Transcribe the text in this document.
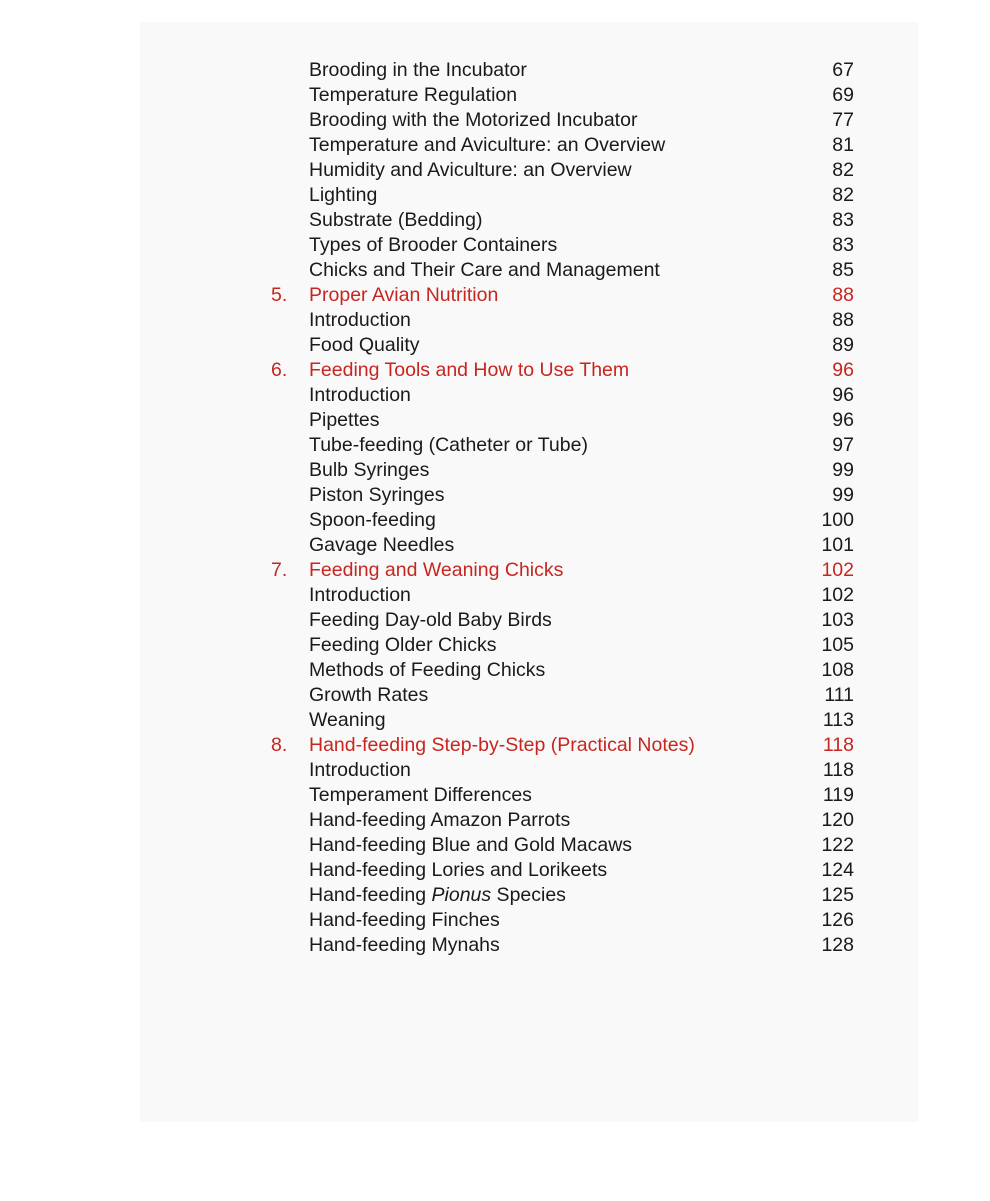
Brooding in the Incubator	67
Temperature Regulation	69
Brooding with the Motorized Incubator	77
Temperature and Aviculture: an Overview	81
Humidity and Aviculture: an Overview	82
Lighting	82
Substrate (Bedding)	83
Types of Brooder Containers	83
Chicks and Their Care and Management	85
5.	Proper Avian Nutrition	88
Introduction	88
Food Quality	89
6.	Feeding Tools and How to Use Them	96
Introduction	96
Pipettes	96
Tube-feeding (Catheter or Tube)	97
Bulb Syringes	99
Piston Syringes	99
Spoon-feeding	100
Gavage Needles	101
7.	Feeding and Weaning Chicks	102
Introduction	102
Feeding Day-old Baby Birds	103
Feeding Older Chicks	105
Methods of Feeding Chicks	108
Growth Rates	111
Weaning	113
8.	Hand-feeding Step-by-Step (Practical Notes)	118
Introduction	118
Temperament Differences	119
Hand-feeding Amazon Parrots	120
Hand-feeding Blue and Gold Macaws	122
Hand-feeding Lories and Lorikeets	124
Hand-feeding Pionus Species	125
Hand-feeding Finches	126
Hand-feeding Mynahs	128
